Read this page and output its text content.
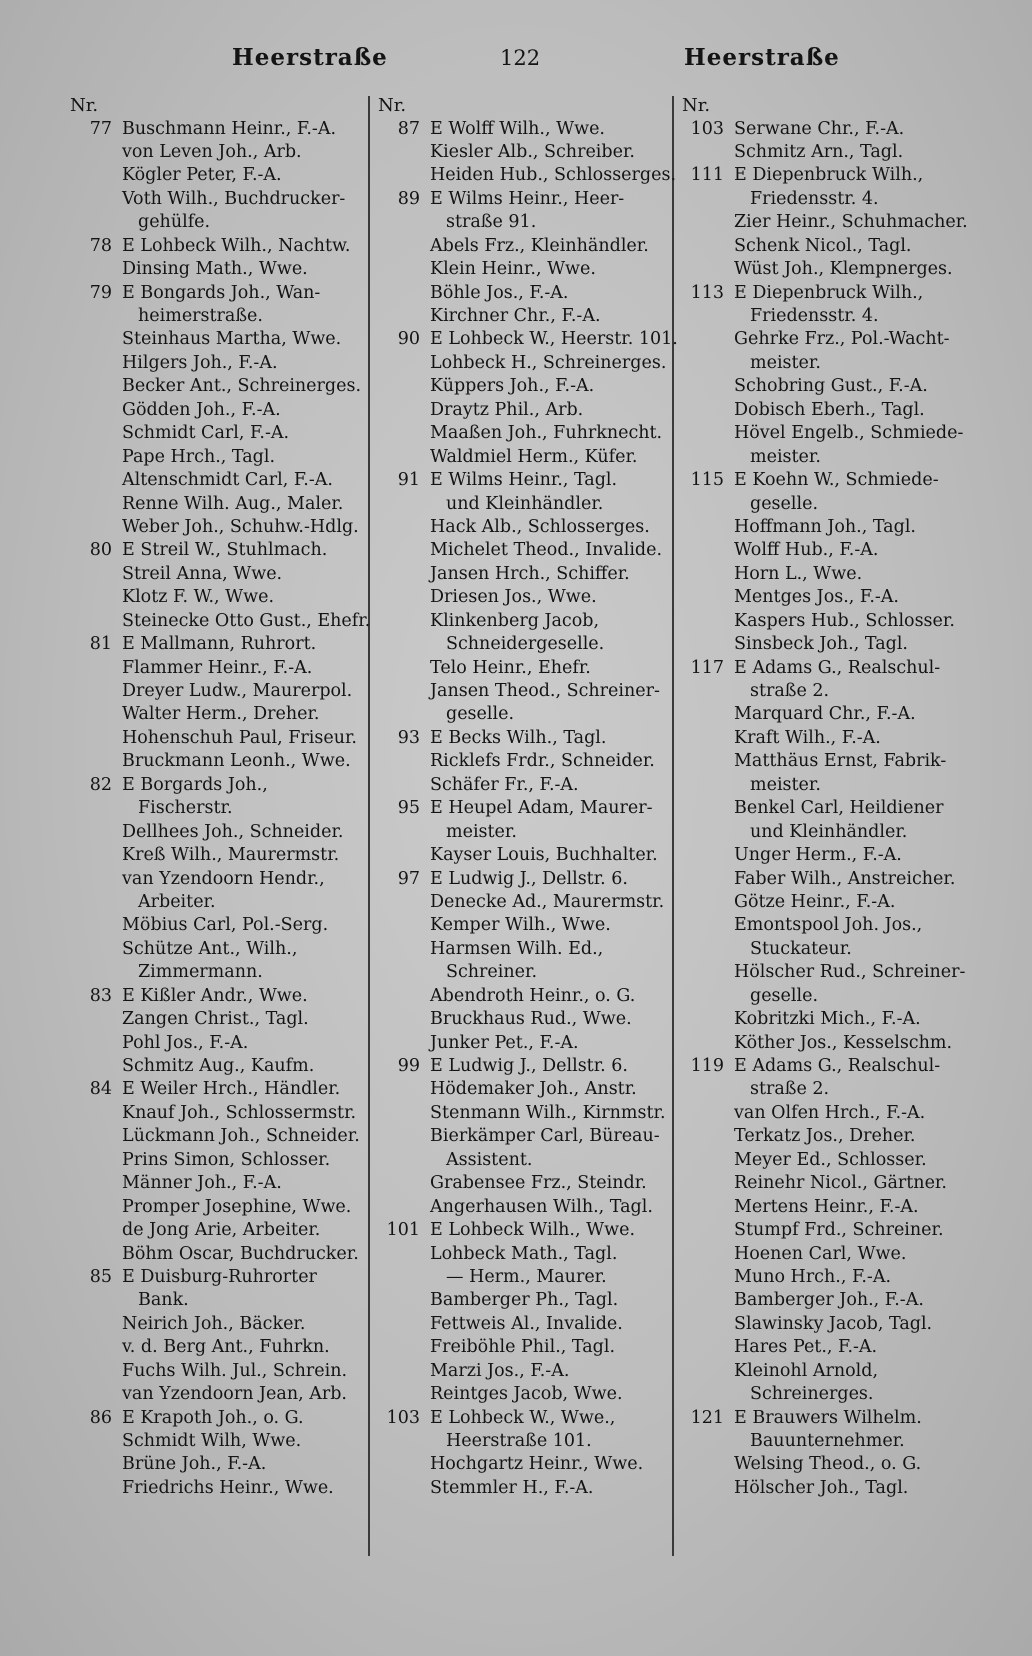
Heerstraße	122	Heerstraße
Nr.
77 Buschmann Heinr., F.-A.
von Leven Joh., Arb.
Kögler Peter, F.-A.
Voth Wilh., Buchdrucker-
gehülfe.
78 E Lohbeck Wilh., Nachtw.
Dinsing Math., Wwe.
79 E Bongards Joh., Wan-
heimerstraße.
Steinhaus Martha, Wwe.
Hilgers Joh., F.-A.
Becker Ant., Schreinerges.
Gödden Joh., F.-A.
Schmidt Carl, F.-A.
Pape Hrch., Tagl.
Altenschmidt Carl, F.-A.
Renne Wilh. Aug., Maler.
Weber Joh., Schuhw.-Hdlg.
80 E Streil W., Stuhlmach.
Streil Anna, Wwe.
Klotz F. W., Wwe.
Steinecke Otto Gust., Ehefr.
81 E Mallmann, Ruhrort.
Flammer Heinr., F.-A.
Dreyer Ludw., Maurerpol.
Walter Herm., Dreher.
Hohenschuh Paul, Friseur.
Bruckmann Leonh., Wwe.
82 E Borgards Joh.,
Fischerstr.
Dellhees Joh., Schneider.
Kreß Wilh., Maurermstr.
van Yzendoorn Hendr.,
Arbeiter.
Möbius Carl, Pol.-Serg.
Schütze Ant., Wilh.,
Zimmermann.
83 E Kißler Andr., Wwe.
Zangen Christ., Tagl.
Pohl Jos., F.-A.
Schmitz Aug., Kaufm.
84 E Weiler Hrch., Händler.
Knauf Joh., Schlossermstr.
Lückmann Joh., Schneider.
Prins Simon, Schlosser.
Männer Joh., F.-A.
Promper Josephine, Wwe.
de Jong Arie, Arbeiter.
Böhm Oscar, Buchdrucker.
85 E Duisburg-Ruhrorter
Bank.
Neirich Joh., Bäcker.
v. d. Berg Ant., Fuhrkn.
Fuchs Wilh. Jul., Schrein.
van Yzendoorn Jean, Arb.
86 E Krapoth Joh., o. G.
Schmidt Wilh, Wwe.
Brüne Joh., F.-A.
Friedrichs Heinr., Wwe.
Nr.
87 E Wolff Wilh., Wwe.
Kiesler Alb., Schreiber.
Heiden Hub., Schlosserges.
89 E Wilms Heinr., Heer-
straße 91.
Abels Frz., Kleinhändler.
Klein Heinr., Wwe.
Böhle Jos., F.-A.
Kirchner Chr., F.-A.
90 E Lohbeck W., Heerstr. 101.
Lohbeck H., Schreinerges.
Küppers Joh., F.-A.
Draytz Phil., Arb.
Maaßen Joh., Fuhrknecht.
Waldmiel Herm., Küfer.
91 E Wilms Heinr., Tagl.
und Kleinhändler.
Hack Alb., Schlosserges.
Michelet Theod., Invalide.
Jansen Hrch., Schiffer.
Driesen Jos., Wwe.
Klinkenberg Jacob,
Schneidergeselle.
Telo Heinr., Ehefr.
Jansen Theod., Schreiner-
geselle.
93 E Becks Wilh., Tagl.
Ricklefs Frdr., Schneider.
Schäfer Fr., F.-A.
95 E Heupel Adam, Maurer-
meister.
Kayser Louis, Buchhalter.
97 E Ludwig J., Dellstr. 6.
Denecke Ad., Maurermstr.
Kemper Wilh., Wwe.
Harmsen Wilh. Ed.,
Schreiner.
Abendroth Heinr., o. G.
Bruckhaus Rud., Wwe.
Junker Pet., F.-A.
99 E Ludwig J., Dellstr. 6.
Hödemaker Joh., Anstr.
Stenmann Wilh., Kirnmstr.
Bierkämper Carl, Büreau-
Assistent.
Grabensee Frz., Steindr.
Angerhausen Wilh., Tagl.
101 E Lohbeck Wilh., Wwe.
Lohbeck Math., Tagl.
— Herm., Maurer.
Bamberger Ph., Tagl.
Fettweis Al., Invalide.
Freiböhle Phil., Tagl.
Marzi Jos., F.-A.
Reintges Jacob, Wwe.
103 E Lohbeck W., Wwe.,
Heerstraße 101.
Hochgartz Heinr., Wwe.
Stemmler H., F.-A.
Nr.
103 Serwane Chr., F.-A.
Schmitz Arn., Tagl.
111 E Diepenbruck Wilh.,
Friedensstr. 4.
Zier Heinr., Schuhmacher.
Schenk Nicol., Tagl.
Wüst Joh., Klempnerges.
113 E Diepenbruck Wilh.,
Friedensstr. 4.
Gehrke Frz., Pol.-Wacht-
meister.
Schobring Gust., F.-A.
Dobisch Eberh., Tagl.
Hövel Engelb., Schmiede-
meister.
115 E Koehn W., Schmiede-
geselle.
Hoffmann Joh., Tagl.
Wolff Hub., F.-A.
Horn L., Wwe.
Mentges Jos., F.-A.
Kaspers Hub., Schlosser.
Sinsbeck Joh., Tagl.
117 E Adams G., Realschul-
straße 2.
Marquard Chr., F.-A.
Kraft Wilh., F.-A.
Matthäus Ernst, Fabrik-
meister.
Benkel Carl, Heildiener
und Kleinhändler.
Unger Herm., F.-A.
Faber Wilh., Anstreicher.
Götze Heinr., F.-A.
Emontspool Joh. Jos.,
Stuckateur.
Hölscher Rud., Schreiner-
geselle.
Kobritzki Mich., F.-A.
Köther Jos., Kesselschm.
119 E Adams G., Realschul-
straße 2.
van Olfen Hrch., F.-A.
Terkatz Jos., Dreher.
Meyer Ed., Schlosser.
Reinehr Nicol., Gärtner.
Mertens Heinr., F.-A.
Stumpf Frd., Schreiner.
Hoenen Carl, Wwe.
Muno Hrch., F.-A.
Bamberger Joh., F.-A.
Slawinsky Jacob, Tagl.
Hares Pet., F.-A.
Kleinohl Arnold,
Schreinerges.
121 E Brauwers Wilhelm.
Bauunternehmer.
Welsing Theod., o. G.
Hölscher Joh., Tagl.
